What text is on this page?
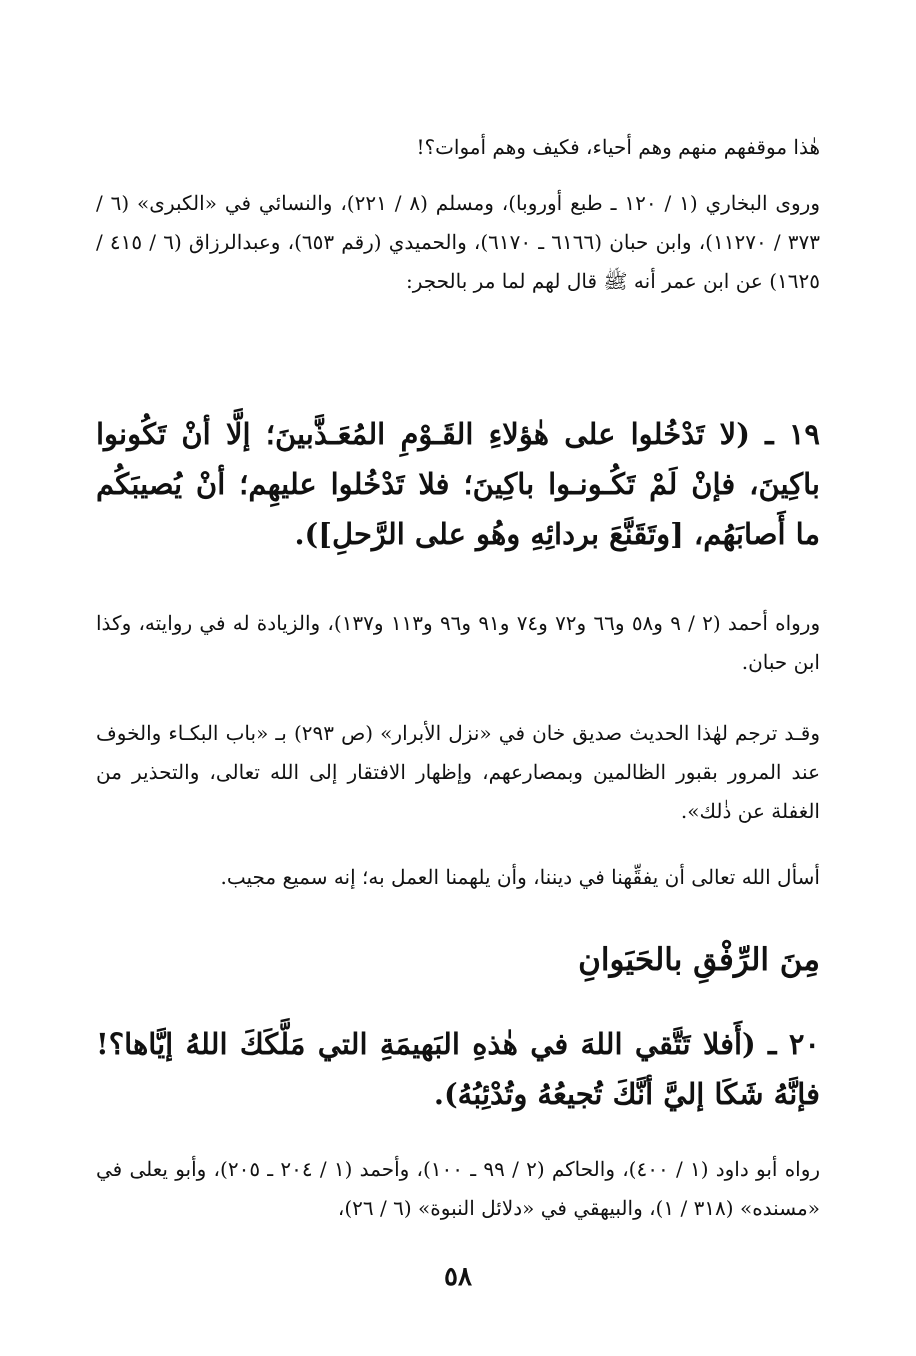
هٰذا موقفهم منهم وهم أحياء، فكيف وهم أموات؟!

وروى البخاري (١ / ١٢٠ ـ طبع أوروبا)، ومسلم (٨ / ٢٢١)، والنسائي في «الكبرى» (٦ / ٣٧٣ / ١١٢٧٠)، وابن حبان (٦١٦٦ ـ ٦١٧٠)، والحميدي (رقم ٦٥٣)، وعبدالرزاق (٦ / ٤١٥ / ١٦٢٥) عن ابن عمر أنه ﷺ قال لهم لما مر بالحجر:

١٩ ـ (لا تَدْخُلوا على هٰؤلاءِ القَـوْمِ المُعَـذَّبينَ؛ إلَّا أنْ تَكُونوا باكِينَ، فإنْ لَمْ تَكُـونـوا باكِينَ؛ فلا تَدْخُلوا عليهِم؛ أنْ يُصيبَكُم ما أَصابَهُم، [وتَقَنَّعَ بردائِهِ وهُو على الرَّحلِ]).

ورواه أحمد (٢ / ٩ و٥٨ و٦٦ و٧٢ و٧٤ و٩١ و٩٦ و١١٣ و١٣٧)، والزيادة له في روايته، وكذا ابن حبان.

وقـد ترجم لهٰذا الحديث صديق خان في «نزل الأبرار» (ص ٢٩٣) بـ «باب البكـاء والخوف عند المرور بقبور الظالمين وبمصارعهم، وإظهار الافتقار إلى الله تعالى، والتحذير من الغفلة عن ذٰلك».

أسأل الله تعالى أن يفقِّهنا في ديننا، وأن يلهمنا العمل به؛ إنه سميع مجيب.

مِنَ الرِّفْقِ بالحَيَوانِ

٢٠ ـ (أَفلا تَتَّقي اللهَ في هٰذهِ البَهيمَةِ التي مَلَّكَكَ اللهُ إيَّاها؟! فإنَّهُ شَكَا إليَّ أنَّكَ تُجيعُهُ وتُدْئِبُهُ).

رواه أبو داود (١ / ٤٠٠)، والحاكم (٢ / ٩٩ ـ ١٠٠)، وأحمد (١ / ٢٠٤ ـ ٢٠٥)، وأبو يعلى في «مسنده» (٣١٨ / ١)، والبيهقي في «دلائل النبوة» (٦ / ٢٦)،

٥٨
